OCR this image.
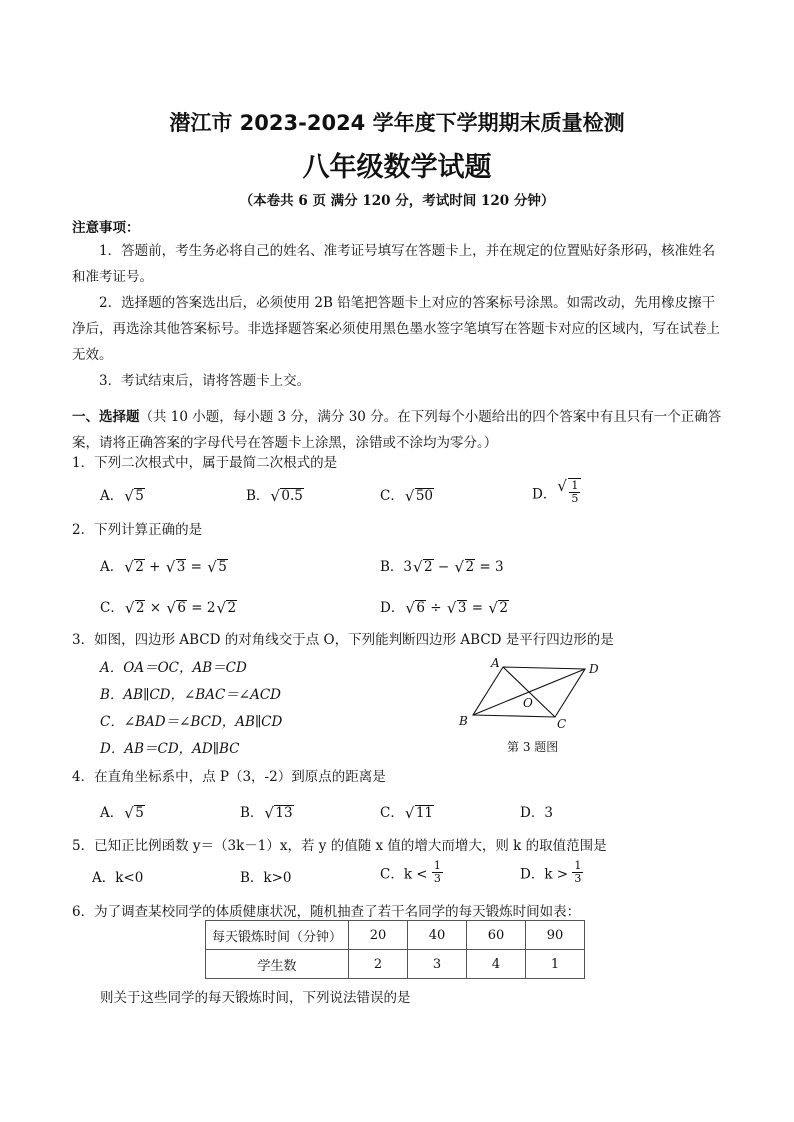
潜江市 2023-2024 学年度下学期期末质量检测
八年级数学试题
（本卷共 6 页 满分 120 分，考试时间 120 分钟）
注意事项：
1．答题前，考生务必将自己的姓名、准考证号填写在答题卡上，并在规定的位置贴好条形码，核准姓名和准考证号。
2．选择题的答案选出后，必须使用 2B 铅笔把答题卡上对应的答案标号涂黑。如需改动，先用橡皮擦干净后，再选涂其他答案标号。非选择题答案必须使用黑色墨水签字笔填写在答题卡对应的区域内，写在试卷上无效。
3．考试结束后，请将答题卡上交。
一、选择题（共 10 小题，每小题 3 分，满分 30 分。在下列每个小题给出的四个答案中有且只有一个正确答案，请将正确答案的字母代号在答题卡上涂黑，涂错或不涂均为零分。）
1．下列二次根式中，属于最简二次根式的是
A． √ 5	B． √ 0.5	C． √ 50	D． √ $\frac{1}{5}$
2．下列计算正确的是
A． √ 2 + √ 3 = √ 5	B．3 √ 2 − √ 2 = 3
C． √ 2 × √ 6 = 2 √ 2	D． √ 6 ÷ √ 3 = √ 2
3．如图，四边形 ABCD 的对角线交于点 O，下列能判断四边形 ABCD 是平行四边形的是
A．OA＝OC，AB＝CD
B．AB∥CD，∠BAC＝∠ACD
C．∠BAD＝∠BCD，AB∥CD
D．AB＝CD，AD∥BC
A	D
B	C
O
第 3 题图
4．在直角坐标系中，点 P（3，-2）到原点的距离是
A． √ 5	B． √ 13	C． √ 11	D．3
5．已知正比例函数 y＝（3k－1）x，若 y 的值随 x 值的增大而增大，则 k 的取值范围是
A．k<0	B．k>0	C．$k < \frac{1}{3}$	D．$k > \frac{1}{3}$
6．为了调查某校同学的体质健康状况，随机抽查了若干名同学的每天锻炼时间如表：
每天锻炼时间（分钟）	20	40	60	90
学生数	2	3	4	1
则关于这些同学的每天锻炼时间，下列说法错误的是
